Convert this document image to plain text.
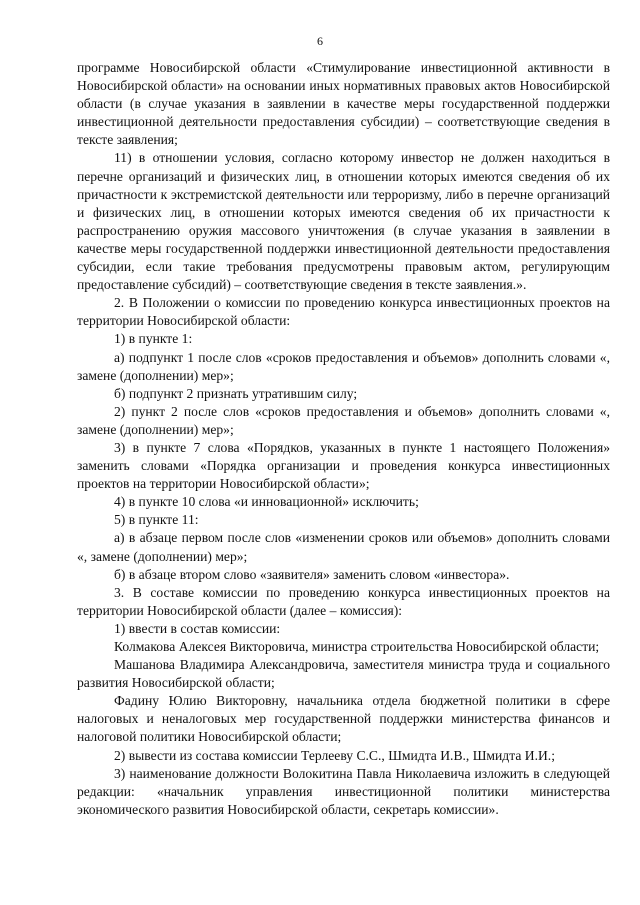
6

программе Новосибирской области «Стимулирование инвестиционной активности в Новосибирской области» на основании иных нормативных правовых актов Новосибирской области (в случае указания в заявлении в качестве меры государственной поддержки инвестиционной деятельности предоставления субсидии) – соответствующие сведения в тексте заявления;

11) в отношении условия, согласно которому инвестор не должен находиться в перечне организаций и физических лиц, в отношении которых имеются сведения об их причастности к экстремистской деятельности или терроризму, либо в перечне организаций и физических лиц, в отношении которых имеются сведения об их причастности к распространению оружия массового уничтожения (в случае указания в заявлении в качестве меры государственной поддержки инвестиционной деятельности предоставления субсидии, если такие требования предусмотрены правовым актом, регулирующим предоставление субсидий) – соответствующие сведения в тексте заявления.».

2. В Положении о комиссии по проведению конкурса инвестиционных проектов на территории Новосибирской области:

1) в пункте 1:

а) подпункт 1 после слов «сроков предоставления и объемов» дополнить словами «, замене (дополнении) мер»;

б) подпункт 2 признать утратившим силу;

2) пункт 2 после слов «сроков предоставления и объемов» дополнить словами «, замене (дополнении) мер»;

3) в пункте 7 слова «Порядков, указанных в пункте 1 настоящего Положения» заменить словами «Порядка организации и проведения конкурса инвестиционных проектов на территории Новосибирской области»;

4) в пункте 10 слова «и инновационной» исключить;

5) в пункте 11:

а) в абзаце первом после слов «изменении сроков или объемов» дополнить словами «, замене (дополнении) мер»;

б) в абзаце втором слово «заявителя» заменить словом «инвестора».

3. В составе комиссии по проведению конкурса инвестиционных проектов на территории Новосибирской области (далее – комиссия):

1) ввести в состав комиссии:

Колмакова Алексея Викторовича, министра строительства Новосибирской области;

Машанова Владимира Александровича, заместителя министра труда и социального развития Новосибирской области;

Фадину Юлию Викторовну, начальника отдела бюджетной политики в сфере налоговых и неналоговых мер государственной поддержки министерства финансов и налоговой политики Новосибирской области;

2) вывести из состава комиссии Терлееву С.С., Шмидта И.В., Шмидта И.И.;

3) наименование должности Волокитина Павла Николаевича изложить в следующей редакции: «начальник управления инвестиционной политики министерства экономического развития Новосибирской области, секретарь комиссии».
